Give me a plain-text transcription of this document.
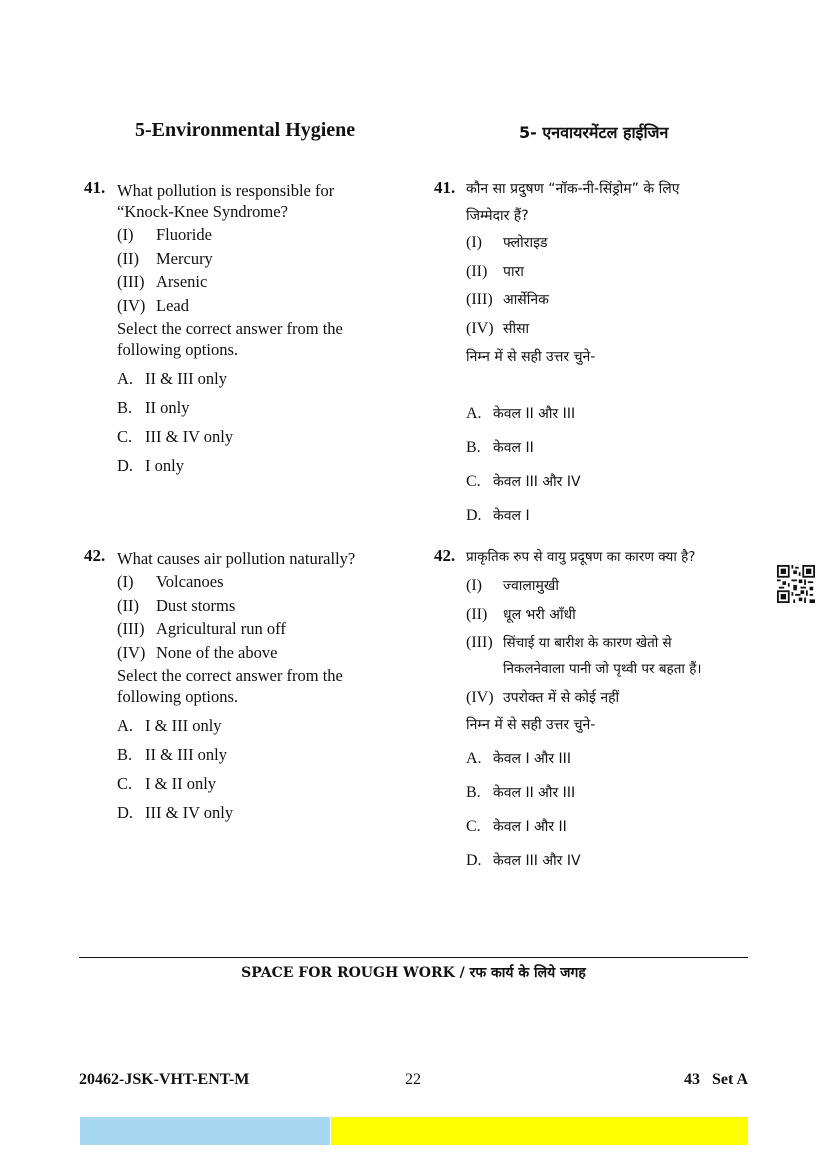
5-Environmental Hygiene	5- एनवायरमेंटल हाईजिन
41. What pollution is responsible for
“Knock-Knee Syndrome?
(I) Fluoride
(II) Mercury
(III) Arsenic
(IV) Lead
Select the correct answer from the
following options.
A. II & III only
B. II only
C. III & IV only
D. I only
41. कौन सा प्रदुषण “नॉक-नी-सिंड्रोम” के लिए
जिम्मेदार हैं?
(I) फ्लोराइड
(II) पारा
(III) आर्सेनिक
(IV) सीसा
निम्न में से सही उत्तर चुने-
A. केवल II और III
B. केवल II
C. केवल III और IV
D. केवल I
42. What causes air pollution naturally?
(I) Volcanoes
(II) Dust storms
(III) Agricultural run off
(IV) None of the above
Select the correct answer from the
following options.
A. I & III only
B. II & III only
C. I & II only
D. III & IV only
42. प्राकृतिक रुप से वायु प्रदूषण का कारण क्या है?
(I) ज्वालामुखी
(II) धूल भरी आँधी
(III) सिंचाई या बारीश के कारण खेतो से
निकलनेवाला पानी जो पृथ्वी पर बहता हैं।
(IV) उपरोक्त में से कोई नहीं
निम्न में से सही उत्तर चुने-
A. केवल I और III
B. केवल II और III
C. केवल I और II
D. केवल III और IV
SPACE FOR ROUGH WORK / रफ कार्य के लिये जगह
20462-JSK-VHT-ENT-M	22	43   Set A
